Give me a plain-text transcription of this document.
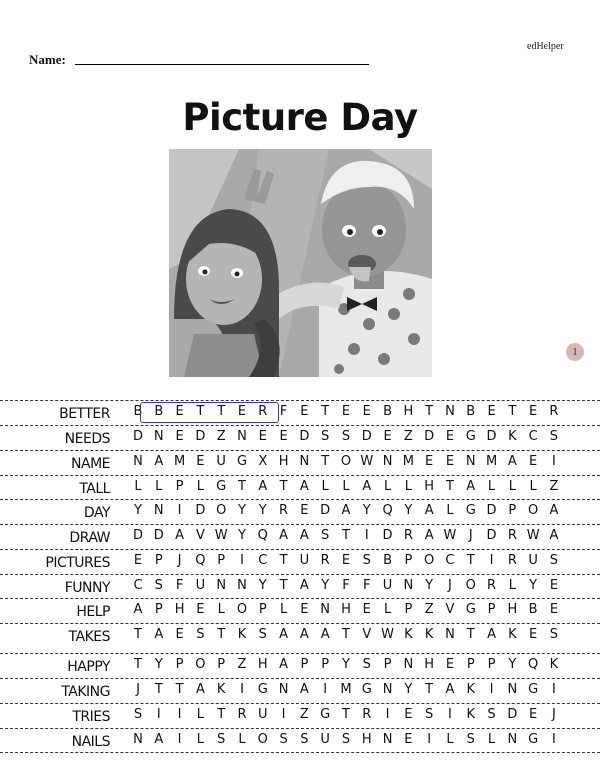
edHelper
Name:
Picture Day
1
BETTER B B E T T E R F E T E E B H T N B E T E R
NEEDS D N E D Z N E E D S S D E Z D E G D K C S
NAME N A M E U G X H N T O W N M E E N M A E	I
TALL L L P L G T A T A L L A L L H T A L L L Z
DAY Y N	I	D O Y Y R E D A Y Q Y A L G D P O A
DRAW D D A V W Y Q A A S T	I	D R A W J	D R W A
PICTURES E P	J	Q P	I	C T U R E S B P O C T	I	R U S
FUNNY C S F U N N Y T A Y F F U N Y	J	O R L Y E
HELP A P H E L O P L E N H E L P Z V G P H B E
TAKES T A E S T K S A A A T V W K K N T A K E S
HAPPY T Y P O P Z H A P P Y S P N H E P P Y Q K
TAKING	J	T T A K	I	G N A	I	M G N Y T A K	I	N G	I
TRIES S	I	I	L T R U	I	Z G T R	I	E S	I	K S D E	J
NAILS N A	I	L S L O S S U S H N E	I	L S L N G	I
